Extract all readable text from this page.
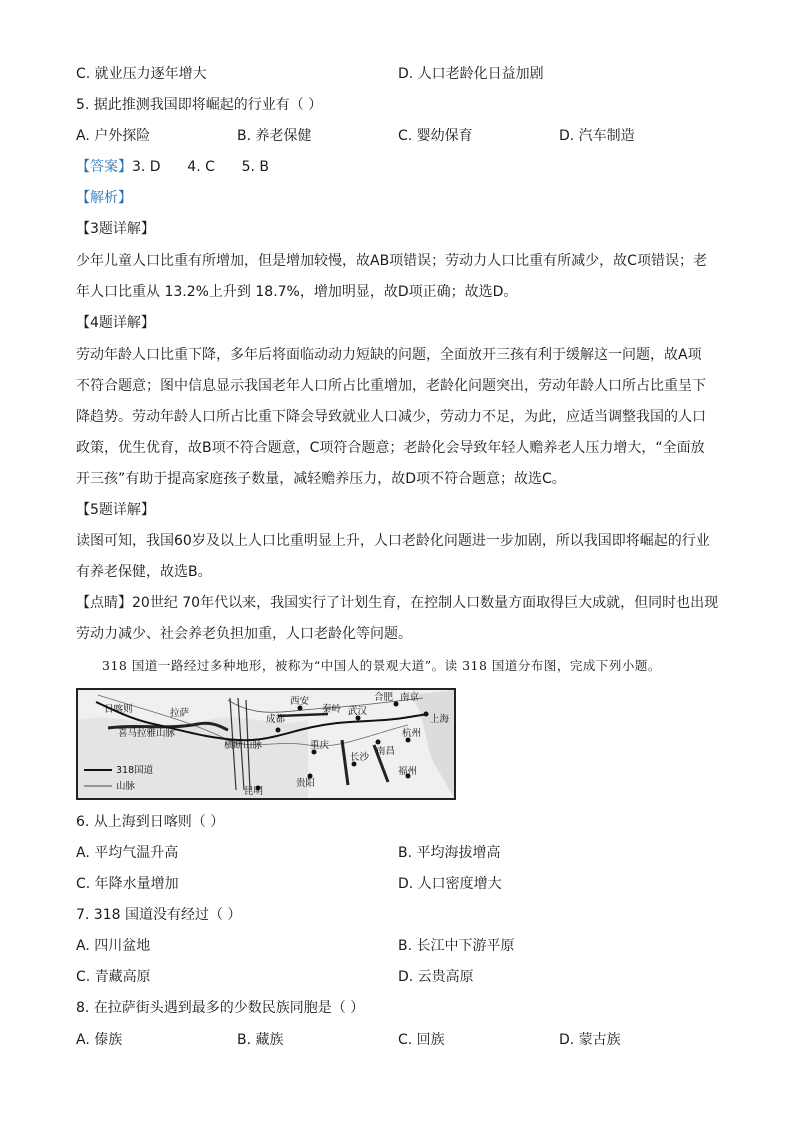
C. 就业压力逐年增大	D. 人口老龄化日益加剧
5. 据此推测我国即将崛起的行业有（ ）
A. 户外探险	B. 养老保健	C. 婴幼保育	D. 汽车制造
【答案】3. D      4. C      5. B
【解析】
【3题详解】
少年儿童人口比重有所增加，但是增加较慢，故AB项错误；劳动力人口比重有所减少，故C项错误；老
年人口比重从 13.2%上升到 18.7%，增加明显，故D项正确；故选D。
【4题详解】
劳动年龄人口比重下降，多年后将面临动动力短缺的问题，全面放开三孩有利于缓解这一问题，故A项
不符合题意；图中信息显示我国老年人口所占比重增加，老龄化问题突出，劳动年龄人口所占比重呈下
降趋势。劳动年龄人口所占比重下降会导致就业人口减少，劳动力不足，为此，应适当调整我国的人口
政策，优生优育，故B项不符合题意，C项符合题意；老龄化会导致年轻人赡养老人压力增大，“全面放
开三孩”有助于提高家庭孩子数量，减轻赡养压力，故D项不符合题意；故选C。
【5题详解】
读图可知，我国60岁及以上人口比重明显上升，人口老龄化问题进一步加剧，所以我国即将崛起的行业
有养老保健，故选B。
【点睛】20世纪 70年代以来，我国实行了计划生育，在控制人口数量方面取得巨大成就，但同时也出现
劳动力减少、社会养老负担加重，人口老龄化等问题。
318 国道一路经过多种地形，被称为“中国人的景观大道”。读 318 国道分布图，完成下列小题。
日喀则	拉萨
喜马拉雅山脉
横断山脉
成都
西安
秦岭
合肥 南京
武汉
上海
杭州
重庆
南昌
长沙
贵阳
福州
昆明
318国道
山脉
6. 从上海到日喀则（ ）
A. 平均气温升高	B. 平均海拔增高
C. 年降水量增加	D. 人口密度增大
7. 318 国道没有经过（ ）
A. 四川盆地	B. 长江中下游平原
C. 青藏高原	D. 云贵高原
8. 在拉萨街头遇到最多的少数民族同胞是（ ）
A. 傣族	B. 藏族	C. 回族	D. 蒙古族
